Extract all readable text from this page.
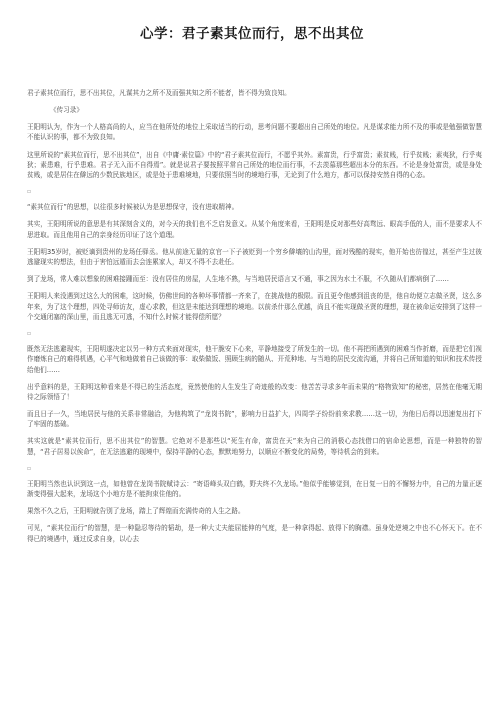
心学：君子素其位而行，思不出其位
君子素其位而行，思不出其位，凡谋其力之所不及而强其知之所不能者，皆不得为致良知。
《传习录》
王阳明认为，作为一个人格高尚的人，应当在他所处的地位上采取适当的行动，思考问题不要超出自己所处的地位。凡是谋求能力所不及的事或是勉强做智慧不能认识的事，都不为致良知。
这里所说的“素其位而行，思不出其位”，出自《中庸·素位篇》中的“君子素其位而行，不愿乎其外。素富贵，行乎富贵；素贫贱，行乎贫贱；素夷狄，行乎夷狄；素患难，行乎患难。君子无入而不自得焉”。就是说君子要按照平常自己所处的地位而行事，不去羡慕那些超出本分的东西。不论是身处富贵，或是身处贫贱，或是居住在僻远的少数民族地区，或是处于患难境地，只要依照当时的境地行事，无论到了什么地方，都可以保持安然自得的心态。
▫
“素其位而行”的思想，以往很多时候被认为是思想保守，没有进取精神。
其实，王阳明所说的意思是有其深刻含义的，对今天的我们也不乏启发意义。从某个角度来看，王阳明是反对那些好高骛远、眼高手低的人，而不是要求人不思进取。而且他用自己的亲身经历印证了这个道理。
王阳明35岁时，被贬谪到贵州的龙场任驿丞。他从前途无量的京官一下子被贬到一个穷乡僻壤的山沟里，面对残酷的现实，他开始也彷徨过，甚至产生过彼逃避现实的想法，但由于害怕远遁而去会连累家人，却又不得不去赴任。
到了龙场，常人难以想象的困难接踵而至：没有居住的房屋，人生地不熟，与当地居民语言又不通，事之因为水土不服，不久随从们都病倒了……
王阳明人来没遇到过这么大的困难，这时候，仿佛世间的各种坏事情都一齐来了，在挑战他的极限。而且更令他感到沮丧的是，他自幼便立志做圣贤，这么多年来，为了这个理想，四处寻师访友，虚心求教，但这是未能达到理想的境地。以前杀什那么优越，尚且不能实现做圣贤的理想，现在被命运安排到了这样一个交通闭塞的深山里，而且逃无可逃，不知什么时候才能得偿所愿？
▫
既然无法逃避现实，王阳明遂决定以另一种方式来面对现实，他干脆安下心来，平静地接受了所发生的一切。他不再把所遇到的困难当作折磨，而是把它们视作磨炼自己的难得机遇，心平气和地做着自己该做的事：取柴做饭、照顾生病的随从、开荒种地、与当地的居民交流沟通，并将自己所知道的知识和技术传授给他们……
出乎意料的是，王阳明这种看来是不得已的生活态度，竟然使他的人生发生了奇迹般的改变：他苦苦寻求多年而未果的“格物致知”的秘密，居然在他毫无期待之际领悟了！
而且日子一久，当地居民与他的关系非常融洽，为他构筑了“龙岗书院”，影响力日益扩大，四周学子纷纷前来求教……这一切，为他日后得以迅速复出打下了牢固的基础。
其实这就是“素其位而行，思不出其位”的智慧。它绝对不是那些以“死生有命，富贵在天”来为自己的消极心态找借口的宿命论思想，而是一种独特的智慧，“君子居易以俟命”，在无法逃避的现境中，保持平静的心态，默默地努力，以顺应不断变化的局势，等待机会的到来。
▫
王阳明当然也认识到这一点，如他曾在龙岗书院赋诗云：“寄语峰头双白鹤，野夫终不久龙场。”他似乎能够觉到，在日复一日的不懈努力中，自己的力量正逐渐变得强大起来，龙场这个小地方是不能拘束住他的。
果然不久之后，王阳明就告别了龙场，踏上了辉煌而充满传奇的人生之路。
可见，“素其位而行”的智慧，是一种隐忍等待的韬劫，是一种大丈夫能屈能伸的气度，是一种拿得起、放得下的胸襟。虽身处逆境之中也不心怀天下。在不得已的境遇中，通过反求自身，以心去
